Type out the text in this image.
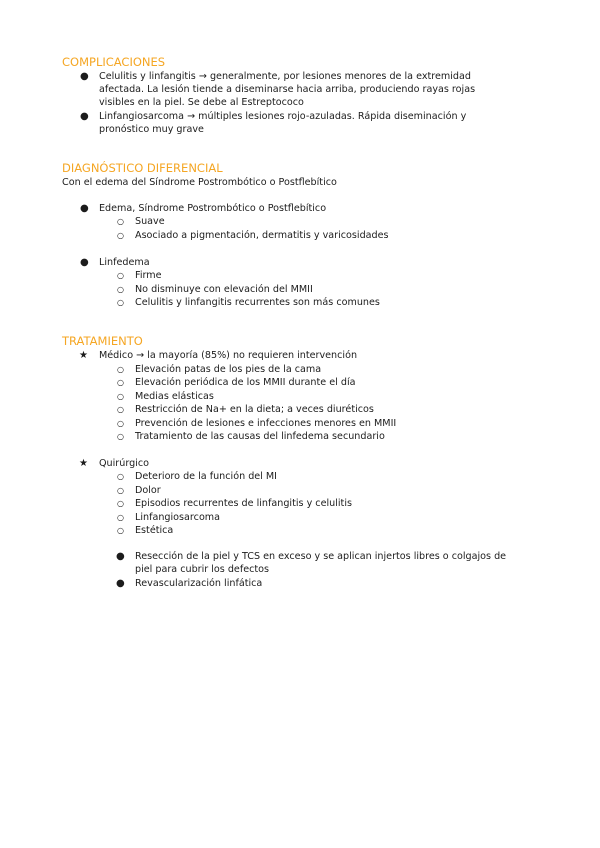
COMPLICACIONES
● Celulitis y linfangitis → generalmente, por lesiones menores de la extremidad
afectada. La lesión tiende a diseminarse hacia arriba, produciendo rayas rojas
visibles en la piel. Se debe al Estreptococo
● Linfangiosarcoma → múltiples lesiones rojo-azuladas. Rápida diseminación y
pronóstico muy grave
DIAGNÓSTICO DIFERENCIAL
Con el edema del Síndrome Postrombótico o Postflebítico
● Edema, Síndrome Postrombótico o Postflebítico
○ Suave
○ Asociado a pigmentación, dermatitis y varicosidades
● Linfedema
○ Firme
○ No disminuye con elevación del MMII
○ Celulitis y linfangitis recurrentes son más comunes
TRATAMIENTO
★ Médico → la mayoría (85%) no requieren intervención
○ Elevación patas de los pies de la cama
○ Elevación periódica de los MMII durante el día
○ Medias elásticas
○ Restricción de Na+ en la dieta; a veces diuréticos
○ Prevención de lesiones e infecciones menores en MMII
○ Tratamiento de las causas del linfedema secundario
★ Quirúrgico
○ Deterioro de la función del MI
○ Dolor
○ Episodios recurrentes de linfangitis y celulitis
○ Linfangiosarcoma
○ Estética
● Resección de la piel y TCS en exceso y se aplican injertos libres o colgajos de
piel para cubrir los defectos
● Revascularización linfática
